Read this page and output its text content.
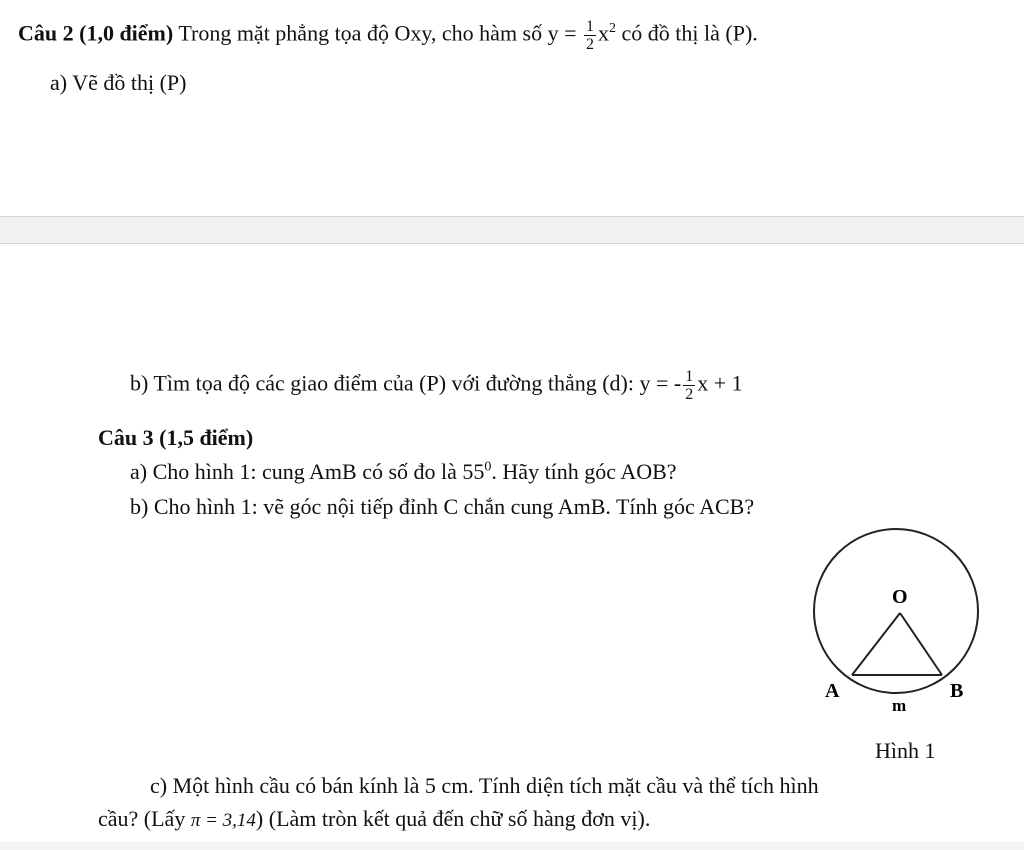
Câu 2 (1,0 điểm) Trong mặt phẳng tọa độ Oxy, cho hàm số $y = \frac{1}{2} x^2$ có đồ thị là (P).
a) Vẽ đồ thị (P)
b) Tìm tọa độ các giao điểm của (P) với đường thẳng (d): y = - $\frac{1}{2}$ x + 1
Câu 3 (1,5 điểm)
a) Cho hình 1: cung AmB có số đo là $55^0$. Hãy tính góc AOB?
b) Cho hình 1: vẽ góc nội tiếp đỉnh C chắn cung AmB. Tính góc ACB?
O
A	B
m
Hình 1
c) Một hình cầu có bán kính là 5 cm. Tính diện tích mặt cầu và thể tích hình
cầu? (Lấy π = 3,14) (Làm tròn kết quả đến chữ số hàng đơn vị).
